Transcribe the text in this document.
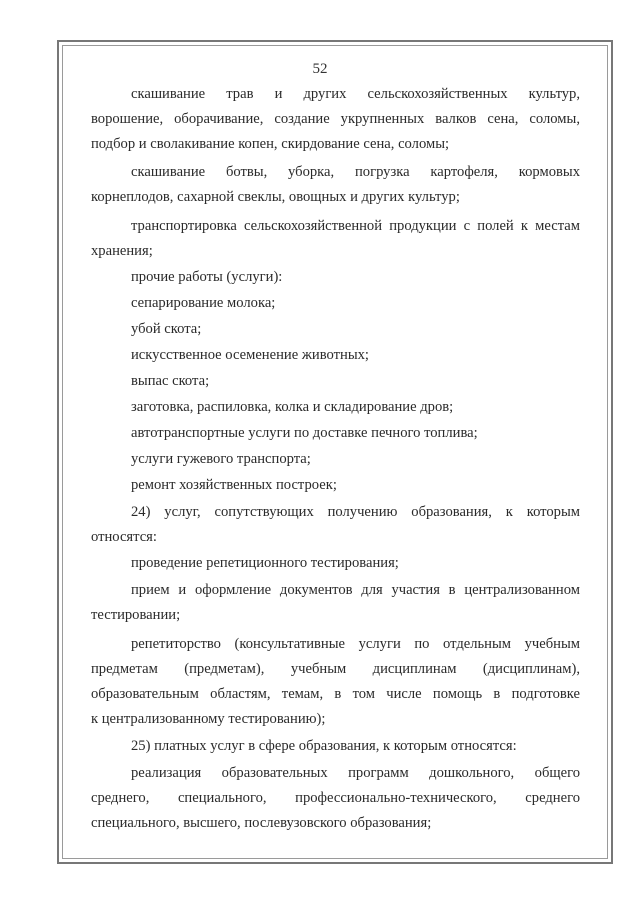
52
скашивание трав и других сельскохозяйственных культур,
ворошение, оборачивание, создание укрупненных валков сена, соломы,
подбор и сволакивание копен, скирдование сена, соломы;
скашивание ботвы, уборка, погрузка картофеля, кормовых
корнеплодов, сахарной свеклы, овощных и других культур;
транспортировка сельскохозяйственной продукции с полей к местам
хранения;
прочие работы (услуги):
сепарирование молока;
убой скота;
искусственное осеменение животных;
выпас скота;
заготовка, распиловка, колка и складирование дров;
автотранспортные услуги по доставке печного топлива;
услуги гужевого транспорта;
ремонт хозяйственных построек;
24) услуг, сопутствующих получению образования, к которым
относятся:
проведение репетиционного тестирования;
прием и оформление документов для участия в централизованном
тестировании;
репетиторство (консультативные услуги по отдельным учебным
предметам (предметам), учебным дисциплинам (дисциплинам),
образовательным областям, темам, в том числе помощь в подготовке
к централизованному тестированию);
25) платных услуг в сфере образования, к которым относятся:
реализация образовательных программ дошкольного, общего
среднего, специального, профессионально-технического, среднего
специального, высшего, послевузовского образования;
